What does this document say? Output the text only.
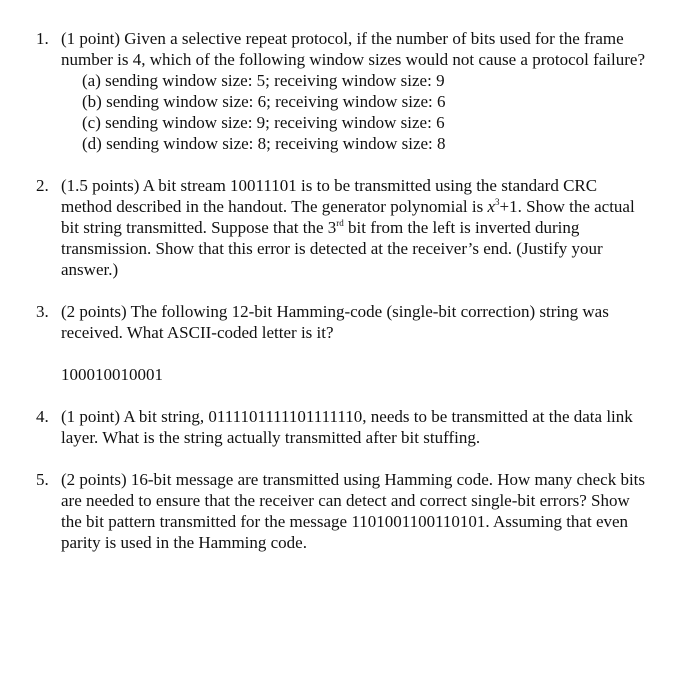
1. (1 point) Given a selective repeat protocol, if the number of bits used for the frame number is 4, which of the following window sizes would not cause a protocol failure?

(a) sending window size: 5; receiving window size: 9
(b) sending window size: 6; receiving window size: 6
(c) sending window size: 9; receiving window size: 6
(d) sending window size: 8; receiving window size: 8
2. (1.5 points) A bit stream 10011101 is to be transmitted using the standard CRC method described in the handout. The generator polynomial is $x^3+1$. Show the actual bit string transmitted. Suppose that the 3rd bit from the left is inverted during transmission. Show that this error is detected at the receiver’s end. (Justify your answer.)

3. (2 points) The following 12-bit Hamming-code (single-bit correction) string was received. What ASCII-coded letter is it?

100010010001

4. (1 point) A bit string, 0111101111101111110, needs to be transmitted at the data link layer. What is the string actually transmitted after bit stuffing.

5. (2 points) 16-bit message are transmitted using Hamming code. How many check bits are needed to ensure that the receiver can detect and correct single-bit errors? Show the bit pattern transmitted for the message 1101001100110101. Assuming that even parity is used in the Hamming code.
